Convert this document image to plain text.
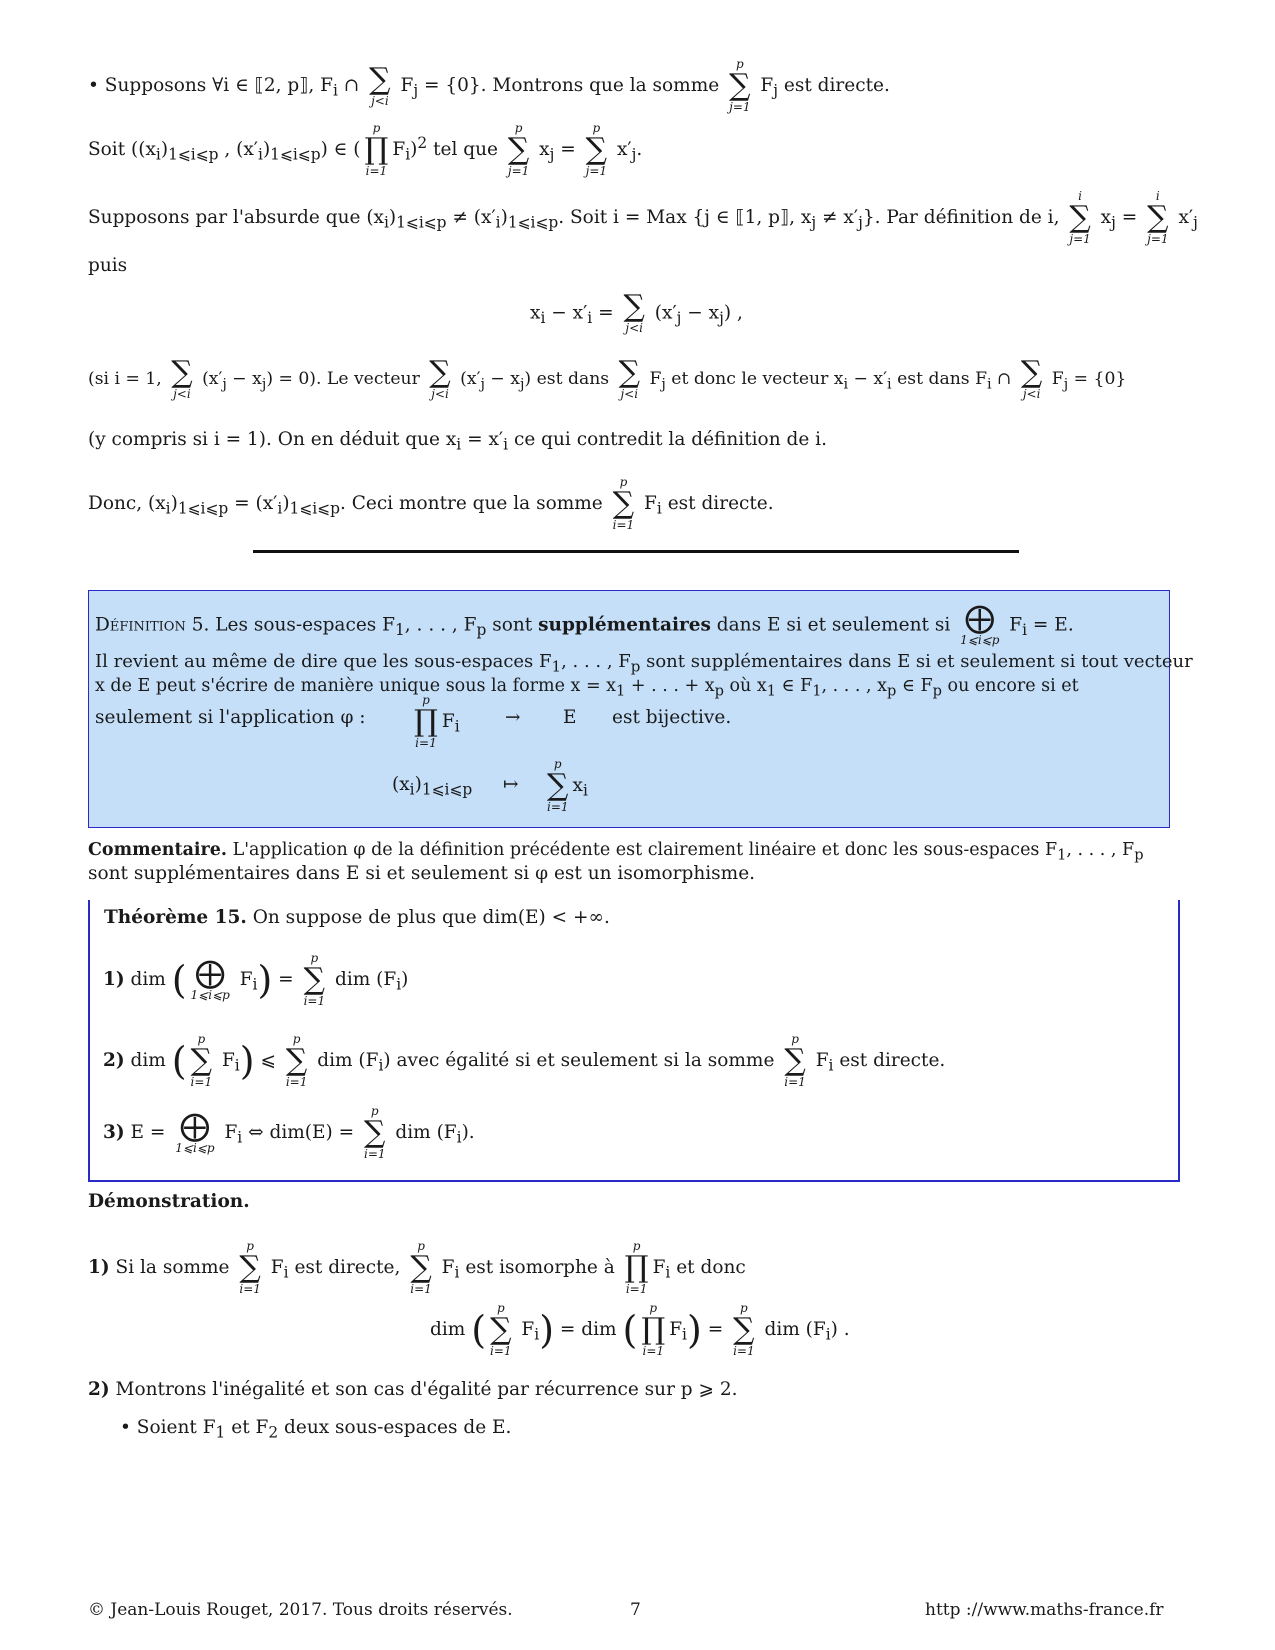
• Supposons ∀i ∈ ⟦2, p⟧, $F_i$ ∩ ∑
j<i
$F_j = \{0\}$. Montrons que la somme
p
∑
j=1
$F_j$ est directe.
Soit ($(x_i)_{1⩽i⩽p}$ , $(x'_i)_{1⩽i⩽p}$) ∈ (
p
∏
i=1
$F_i)^2$ tel que
p
∑
j=1
$x_j$ =
p
∑
j=1
$x'_j$.
Supposons par l'absurde que $(x_i)_{1⩽i⩽p} \ne (x'_i)_{1⩽i⩽p}$. Soit i = Max {j ∈ ⟦1, p⟧, $x_j \ne x'_j$}. Par définition de i,
i
∑
j=1
$x_j$ =
i
∑
j=1
$x'_j$
puis
$x_i - x'_i$ = ∑
j<i
$(x'_j - x_j)$ ,
(si i = 1, ∑
j<i
$(x'_j - x_j) = 0$). Le vecteur ∑
j<i
$(x'_j - x_j)$ est dans ∑
j<i
$F_j$ et donc le vecteur $x_i - x'_i$ est dans $F_i$ ∩ ∑
j<i
$F_j = \{0\}$
(y compris si i = 1). On en déduit que $x_i = x'_i$ ce qui contredit la définition de i.
Donc, $(x_i)_{1⩽i⩽p} = (x'_i)_{1⩽i⩽p}$. Ceci montre que la somme
p
∑
i=1
$F_i$ est directe.
Définition 5. Les sous-espaces $F_1$, . . . , $F_p$ sont supplémentaires dans E si et seulement si ⨁
1⩽i⩽p
$F_i = E$.
Il revient au même de dire que les sous-espaces $F_1$, . . . , $F_p$ sont supplémentaires dans E si et seulement si tout vecteur
x de E peut s'écrire de manière unique sous la forme $x = x_1$ + . . . + $x_p$ où $x_1$ ∈ $F_1$, . . . , $x_p$ ∈ $F_p$ ou encore si et
seulement si l'application φ :
p
∏
i=1
$F_i \to E$ est bijective.
$(x_i)_{1⩽i⩽p}$ ↦
p
∑
i=1
$x_i$
Commentaire. L'application φ de la définition précédente est clairement linéaire et donc les sous-espaces $F_1$, . . . , $F_p$
sont supplémentaires dans E si et seulement si φ est un isomorphisme.
Théorème 15. On suppose de plus que dim(E) < +∞.
1) dim ( ⨁
1⩽i⩽p
$F_i$) =
p
∑
i=1
dim $(F_i)$
2) dim ( p
∑
i=1
$F_i$) ⩽
p
∑
i=1
dim $(F_i)$ avec égalité si et seulement si la somme
p
∑
i=1
$F_i$ est directe.
3) E = ⨁
1⩽i⩽p
$F_i$ ⇔ dim(E) =
p
∑
i=1
dim $(F_i)$.
Démonstration.
1) Si la somme
p
∑
i=1
$F_i$ est directe,
p
∑
i=1
$F_i$ est isomorphe à
p
∏
i=1
$F_i$ et donc
dim ( p
∑
i=1
$F_i$) = dim (	p
∏
i=1
$F_i$) =
p
∑
i=1
dim $(F_i)$ .
2) Montrons l'inégalité et son cas d'égalité par récurrence sur p ⩾ 2.
• Soient $F_1$ et $F_2$ deux sous-espaces de E.
© Jean-Louis Rouget, 2017. Tous droits réservés.	7	http ://www.maths-france.fr
